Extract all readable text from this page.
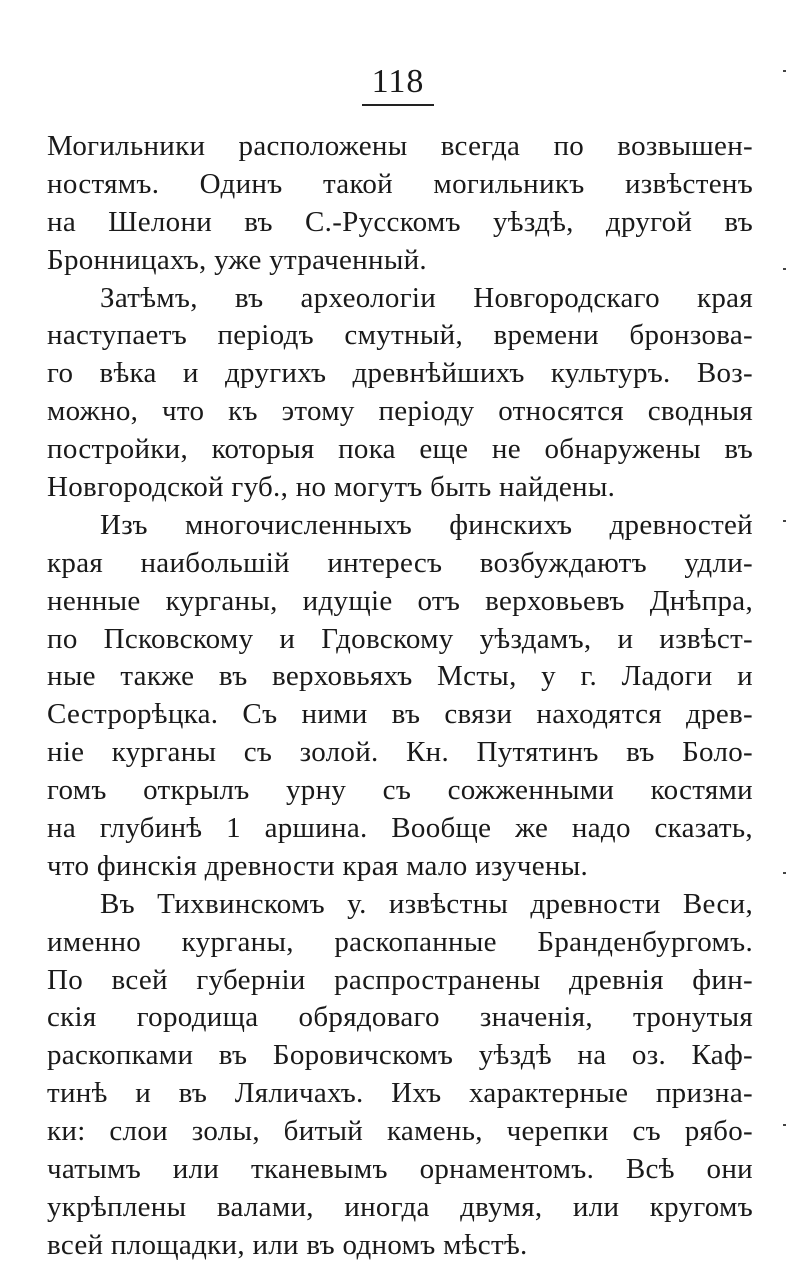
118
Могильники расположены всегда по возвышен-
ностямъ. Одинъ такой могильникъ извѣстенъ
на Шелони въ С.-Русскомъ уѣздѣ, другой въ
Бронницахъ, уже утраченный.
Затѣмъ, въ археологіи Новгородскаго края
наступаетъ періодъ смутный, времени бронзова-
го вѣка и другихъ древнѣйшихъ культуръ. Воз-
можно, что къ этому періоду относятся сводныя
постройки, которыя пока еще не обнаружены въ
Новгородской губ., но могутъ быть найдены.
Изъ многочисленныхъ финскихъ древностей
края наибольшій интересъ возбуждаютъ удли-
ненные курганы, идущіе отъ верховьевъ Днѣпра,
по Псковскому и Гдовскому уѣздамъ, и извѣст-
ные также въ верховьяхъ Мсты, у г. Ладоги и
Сестрорѣцка. Съ ними въ связи находятся древ-
ніе курганы съ золой. Кн. Путятинъ въ Боло-
гомъ открылъ урну съ сожженными костями
на глубинѣ 1 аршина. Вообще же надо сказать,
что финскія древности края мало изучены.
Въ Тихвинскомъ у. извѣстны древности Веси,
именно курганы, раскопанные Бранденбургомъ.
По всей губерніи распространены древнія фин-
скія городища обрядоваго значенія, тронутыя
раскопками въ Боровичскомъ уѣздѣ на оз. Каф-
тинѣ и въ Ляличахъ. Ихъ характерные призна-
ки: слои золы, битый камень, черепки съ рябо-
чатымъ или тканевымъ орнаментомъ. Всѣ они
укрѣплены валами, иногда двумя, или кругомъ
всей площадки, или въ одномъ мѣстѣ.
